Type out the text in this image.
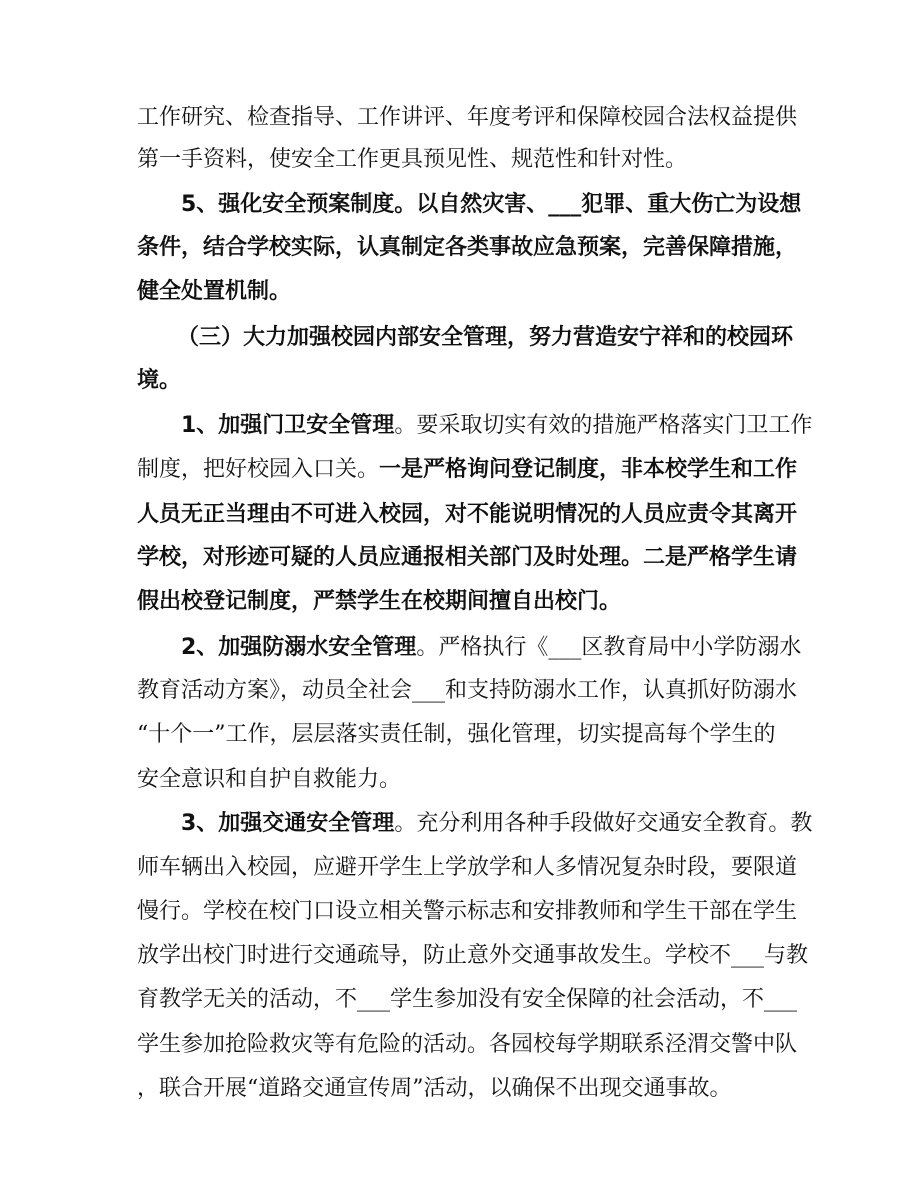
工作研究、检查指导、工作讲评、年度考评和保障校园合法权益提供
第一手资料，使安全工作更具预见性、规范性和针对性。
5、强化安全预案制度。以自然灾害、___犯罪、重大伤亡为设想
条件，结合学校实际，认真制定各类事故应急预案，完善保障措施，
健全处置机制。
（三）大力加强校园内部安全管理，努力营造安宁祥和的校园环
境。
1、加强门卫安全管理。要采取切实有效的措施严格落实门卫工作
制度，把好校园入口关。一是严格询问登记制度，非本校学生和工作
人员无正当理由不可进入校园，对不能说明情况的人员应责令其离开
学校，对形迹可疑的人员应通报相关部门及时处理。二是严格学生请
假出校登记制度，严禁学生在校期间擅自出校门。
2、加强防溺水安全管理。严格执行《___区教育局中小学防溺水
教育活动方案》，动员全社会___和支持防溺水工作，认真抓好防溺水
“十个一”工作，层层落实责任制，强化管理，切实提高每个学生的
安全意识和自护自救能力。
3、加强交通安全管理。充分利用各种手段做好交通安全教育。教
师车辆出入校园，应避开学生上学放学和人多情况复杂时段，要限道
慢行。学校在校门口设立相关警示标志和安排教师和学生干部在学生
放学出校门时进行交通疏导，防止意外交通事故发生。学校不___与教
育教学无关的活动，不___学生参加没有安全保障的社会活动，不___
学生参加抢险救灾等有危险的活动。各园校每学期联系泾渭交警中队
，联合开展“道路交通宣传周”活动，以确保不出现交通事故。
